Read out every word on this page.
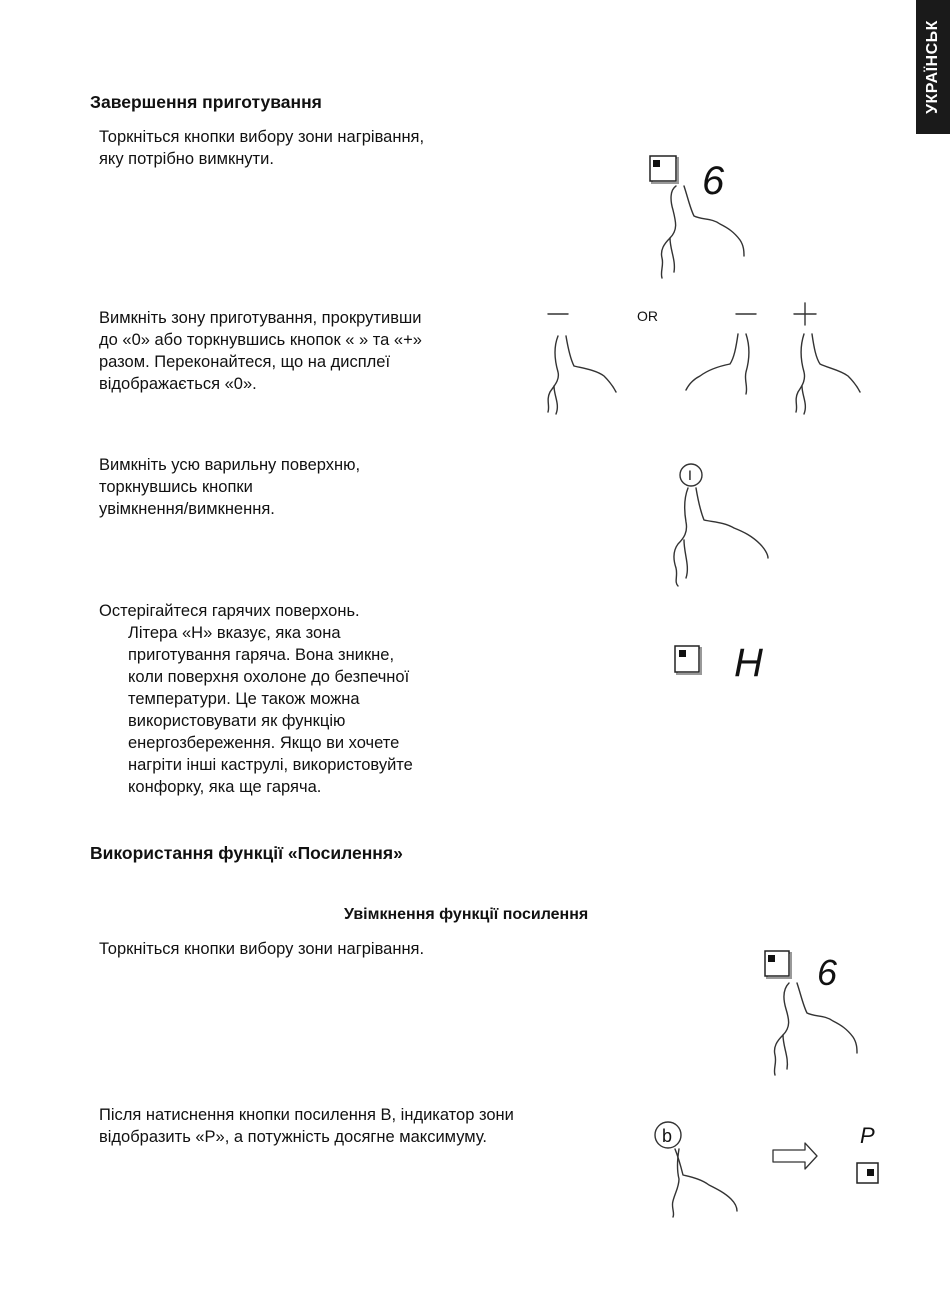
УКРАЇНСЬК
Завершення приготування
Торкніться кнопки вибору зони нагрівання,
яку потрібно вимкнути.
Вимкніть зону приготування, прокрутивши
до «0» або торкнувшись кнопок « » та «+»
разом. Переконайтеся, що на дисплеї
відображається «0».
Вимкніть усю варильну поверхню,
торкнувшись кнопки
увімкнення/вимкнення.
Остерігайтеся гарячих поверхонь.
Літера «H» вказує, яка зона
приготування гаряча. Вона зникне,
коли поверхня охолоне до безпечної
температури. Це також можна
використовувати як функцію
енергозбереження. Якщо ви хочете
нагріти інші каструлі, використовуйте
конфорку, яка ще гаряча.
Використання функції «Посилення»
Увімкнення функції посилення
Торкніться кнопки вибору зони нагрівання.
Після натиснення кнопки посилення B, індикатор зони
відобразить «P», а потужність досягне максимуму.
6
OR
I
H
6
b	P
